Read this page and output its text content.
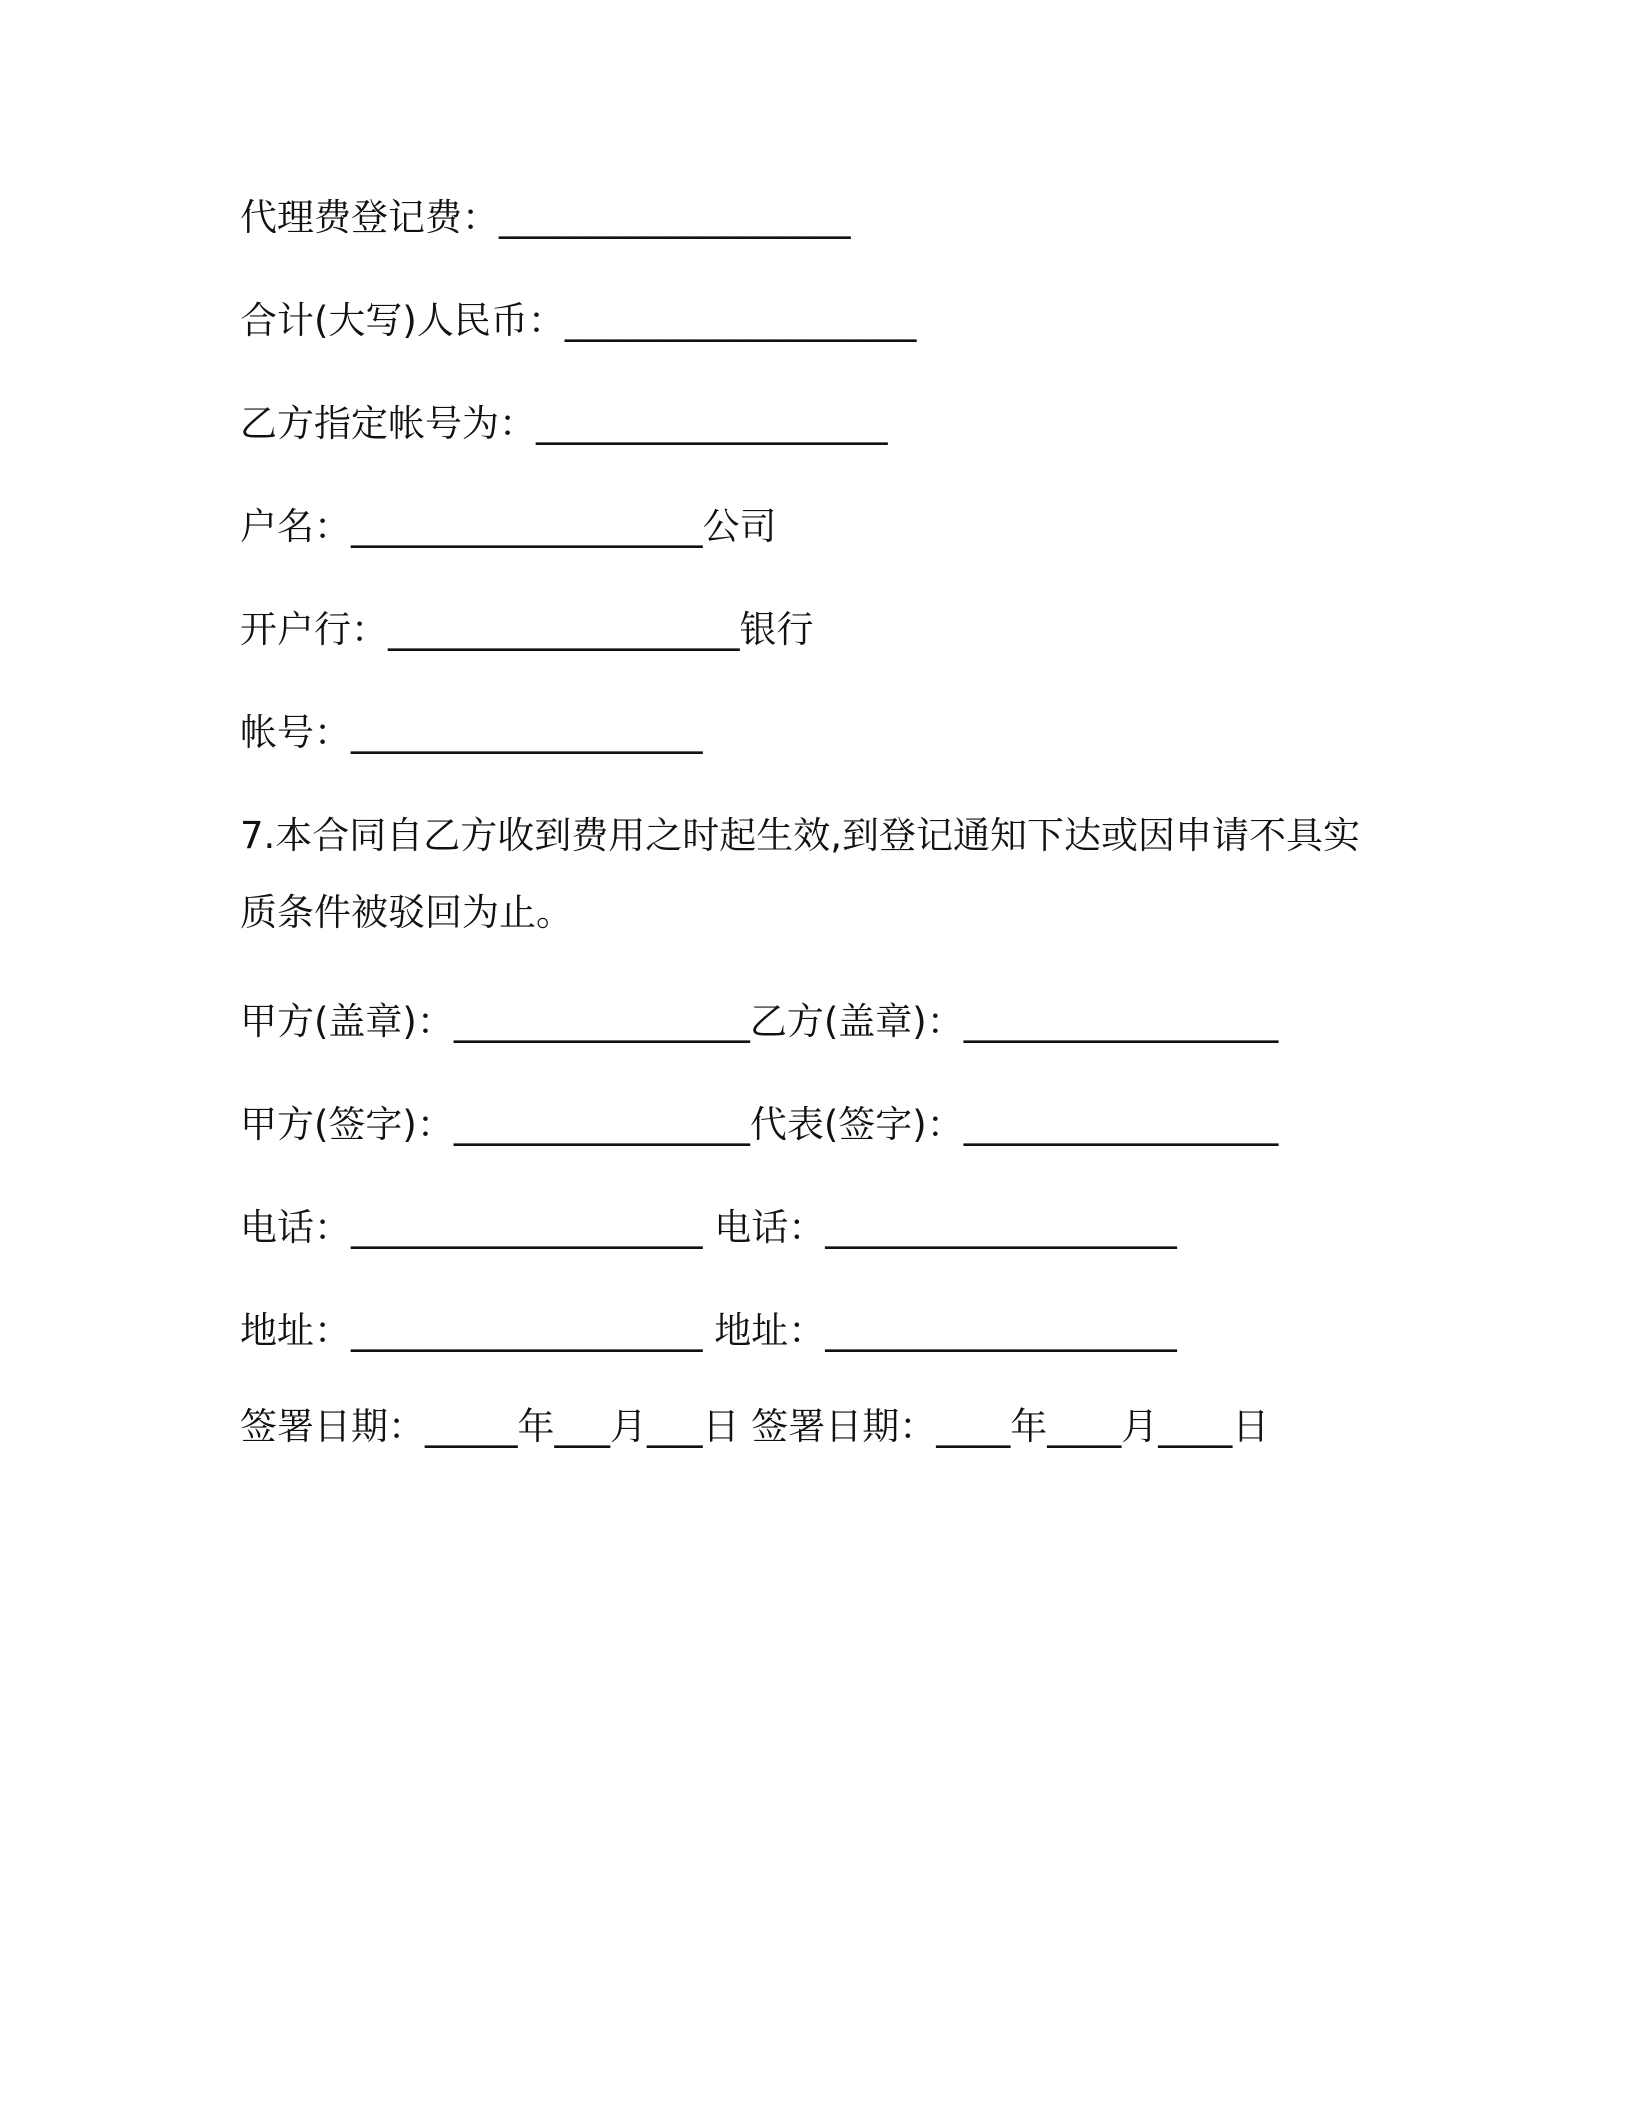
代理费登记费：___________________
合计(大写)人民币：___________________
乙方指定帐号为：___________________
户名：___________________公司
开户行：___________________银行
帐号：___________________
7.本合同自乙方收到费用之时起生效,到登记通知下达或因申请不具实
质条件被驳回为止。
甲方(盖章)：________________乙方(盖章)：_________________
甲方(签字)：________________代表(签字)：_________________
电话：___________________ 电话：___________________
地址：___________________ 地址：___________________
签署日期：_____年___月___日 签署日期：____年____月____日
